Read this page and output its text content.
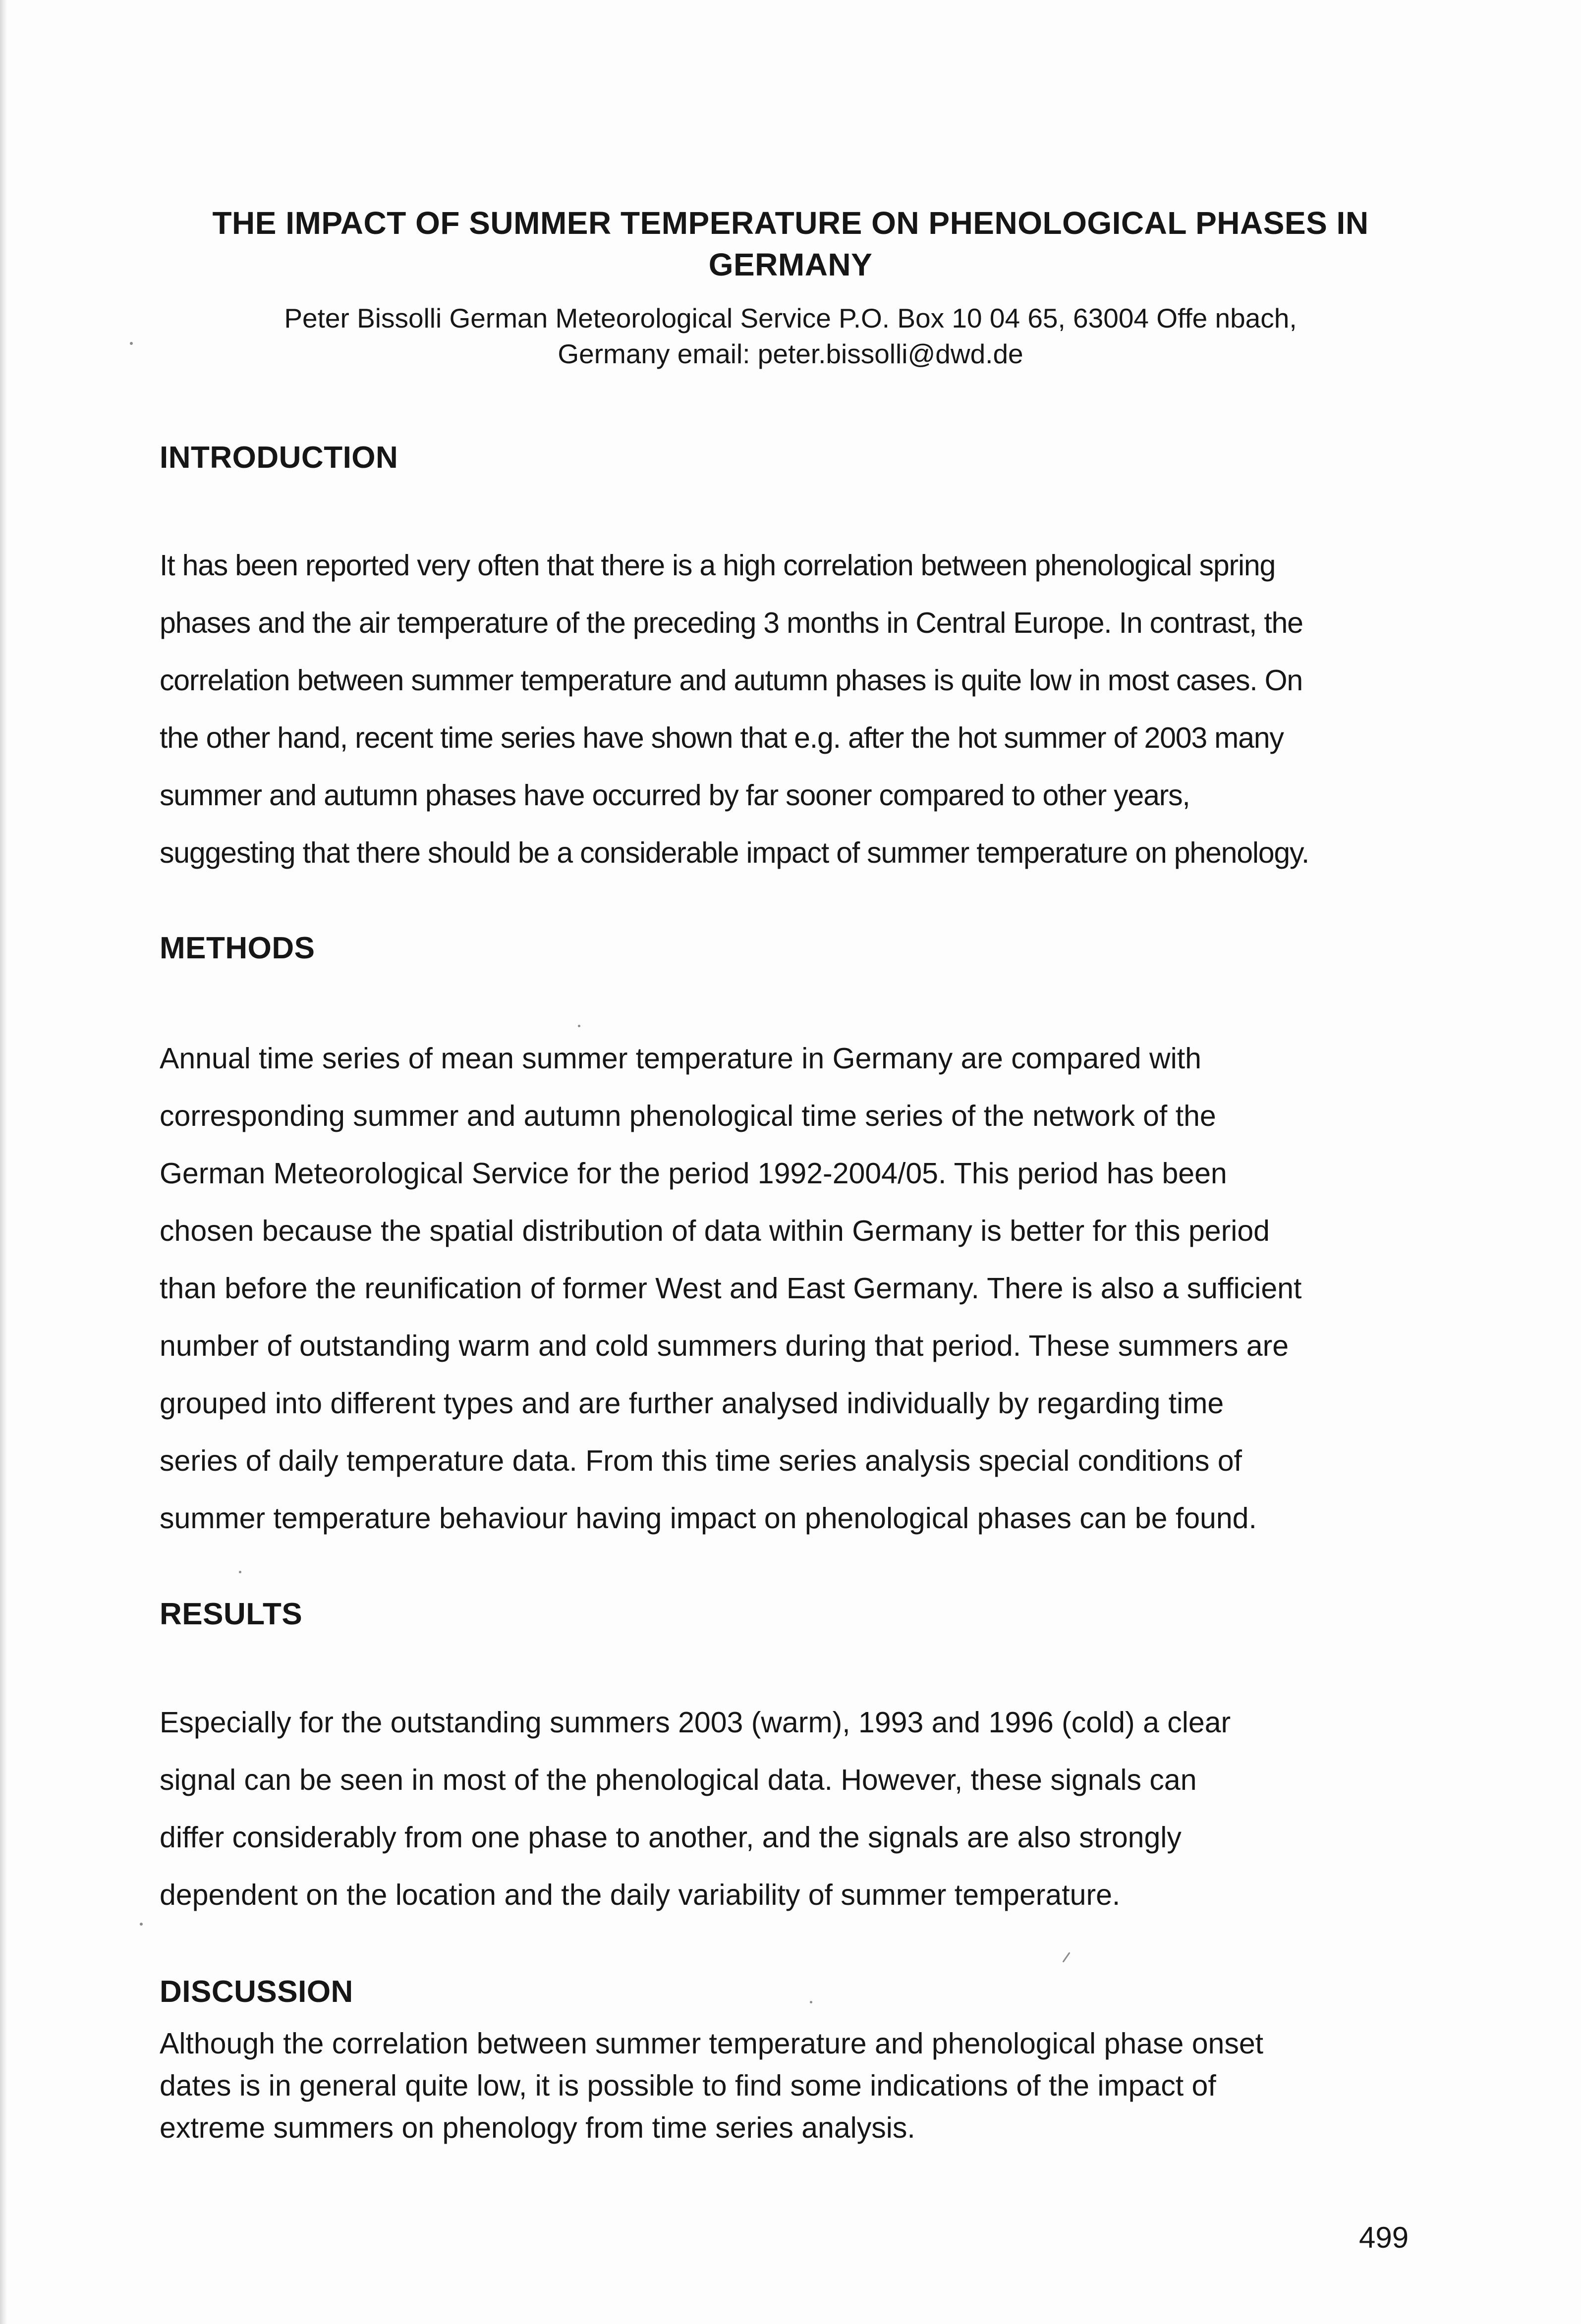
THE IMPACT OF SUMMER TEMPERATURE ON PHENOLOGICAL PHASES IN
GERMANY
Peter Bissolli German Meteorological Service P.O. Box 10 04 65, 63004 Offe nbach,
Germany email: peter.bissolli@dwd.de
INTRODUCTION
It has been reported very often that there is a high correlation between phenological spring
phases and the air temperature of the preceding 3 months in Central Europe. In contrast, the
correlation between summer temperature and autumn phases is quite low in most cases. On
the other hand, recent time series have shown that e.g. after the hot summer of 2003 many
summer and autumn phases have occurred by far sooner compared to other years,
suggesting that there should be a considerable impact of summer temperature on phenology.
METHODS
Annual time series of mean summer temperature in Germany are compared with
corresponding summer and autumn phenological time series of the network of the
German Meteorological Service for the period 1992-2004/05. This period has been
chosen because the spatial distribution of data within Germany is better for this period
than before the reunification of former West and East Germany. There is also a sufficient
number of outstanding warm and cold summers during that period. These summers are
grouped into different types and are further analysed individually by regarding time
series of daily temperature data. From this time series analysis special conditions of
summer temperature behaviour having impact on phenological phases can be found.
RESULTS
Especially for the outstanding summers 2003 (warm), 1993 and 1996 (cold) a clear
signal can be seen in most of the phenological data. However, these signals can
differ considerably from one phase to another, and the signals are also strongly
dependent on the location and the daily variability of summer temperature.
DISCUSSION
Although the correlation between summer temperature and phenological phase onset
dates is in general quite low, it is possible to find some indications of the impact of
extreme summers on phenology from time series analysis.
499
